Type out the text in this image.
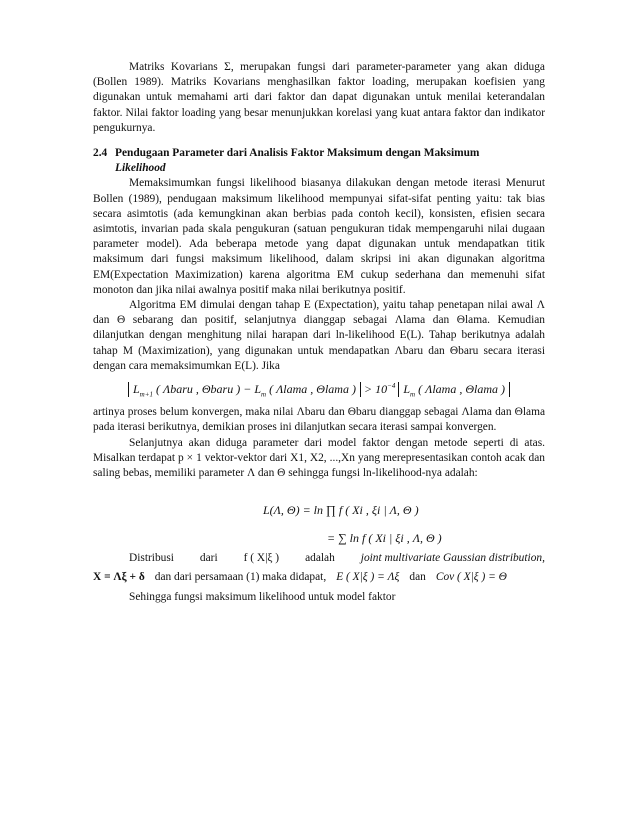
Matriks Kovarians Σ, merupakan fungsi dari parameter-parameter yang akan diduga (Bollen 1989). Matriks Kovarians menghasilkan faktor loading, merupakan koefisien yang digunakan untuk memahami arti dari faktor dan dapat digunakan untuk menilai keterandalan faktor. Nilai faktor loading yang besar menunjukkan korelasi yang kuat antara faktor dan indikator pengukurnya.

2.4 Pendugaan Parameter dari Analisis Faktor Maksimum dengan Maksimum
Likelihood

Memaksimumkan fungsi likelihood biasanya dilakukan dengan metode iterasi Menurut Bollen (1989), pendugaan maksimum likelihood mempunyai sifat-sifat penting yaitu: tak bias secara asimtotis (ada kemungkinan akan berbias pada contoh kecil), konsisten, efisien secara asimtotis, invarian pada skala pengukuran (satuan pengukuran tidak mempengaruhi nilai dugaan parameter model). Ada beberapa metode yang dapat digunakan untuk mendapatkan titik maksimum dari fungsi maksimum likelihood, dalam skripsi ini akan digunakan algoritma EM(Expectation Maximization) karena algoritma EM cukup sederhana dan memenuhi sifat monoton dan jika nilai awalnya positif maka nilai berikutnya positif.

Algoritma EM dimulai dengan tahap E (Expectation), yaitu tahap penetapan nilai awal Λ dan Θ sebarang dan positif, selanjutnya dianggap sebagai Λlama dan Θlama. Kemudian dilanjutkan dengan menghitung nilai harapan dari ln-likelihood E(L). Tahap berikutnya adalah tahap M (Maximization), yang digunakan untuk mendapatkan Λbaru dan Θbaru secara iterasi dengan cara memaksimumkan E(L). Jika

$L_{m+1}$ ( Λbaru , Θbaru ) − $L_m$ ( Λlama , Θlama ) > $10^{-4}$ $L_m$ ( Λlama , Θlama )

artinya proses belum konvergen, maka nilai Λbaru dan Θbaru dianggap sebagai Λlama dan Θlama pada iterasi berikutnya, demikian proses ini dilanjutkan secara iterasi sampai konvergen.

Selanjutnya akan diduga parameter dari model faktor dengan metode seperti di atas. Misalkan terdapat p × 1 vektor-vektor dari X1, X2, ...,Xn yang merepresentasikan contoh acak dan saling bebas, memiliki parameter Λ dan Θ sehingga fungsi ln-likelihood-nya adalah:

L(Λ, Θ) = ln ∏ f ( Xi , ξi | Λ, Θ )
= ∑ ln f ( Xi | ξi , Λ, Θ )
Distribusi dari f ( X|ξ ) adalah joint multivariate Gaussian distribution,
X = Λξ + δ dan dari persamaan (1) maka didapat, E ( X|ξ ) = Λξ dan Cov ( X|ξ ) = Θ

Sehingga fungsi maksimum likelihood untuk model faktor
